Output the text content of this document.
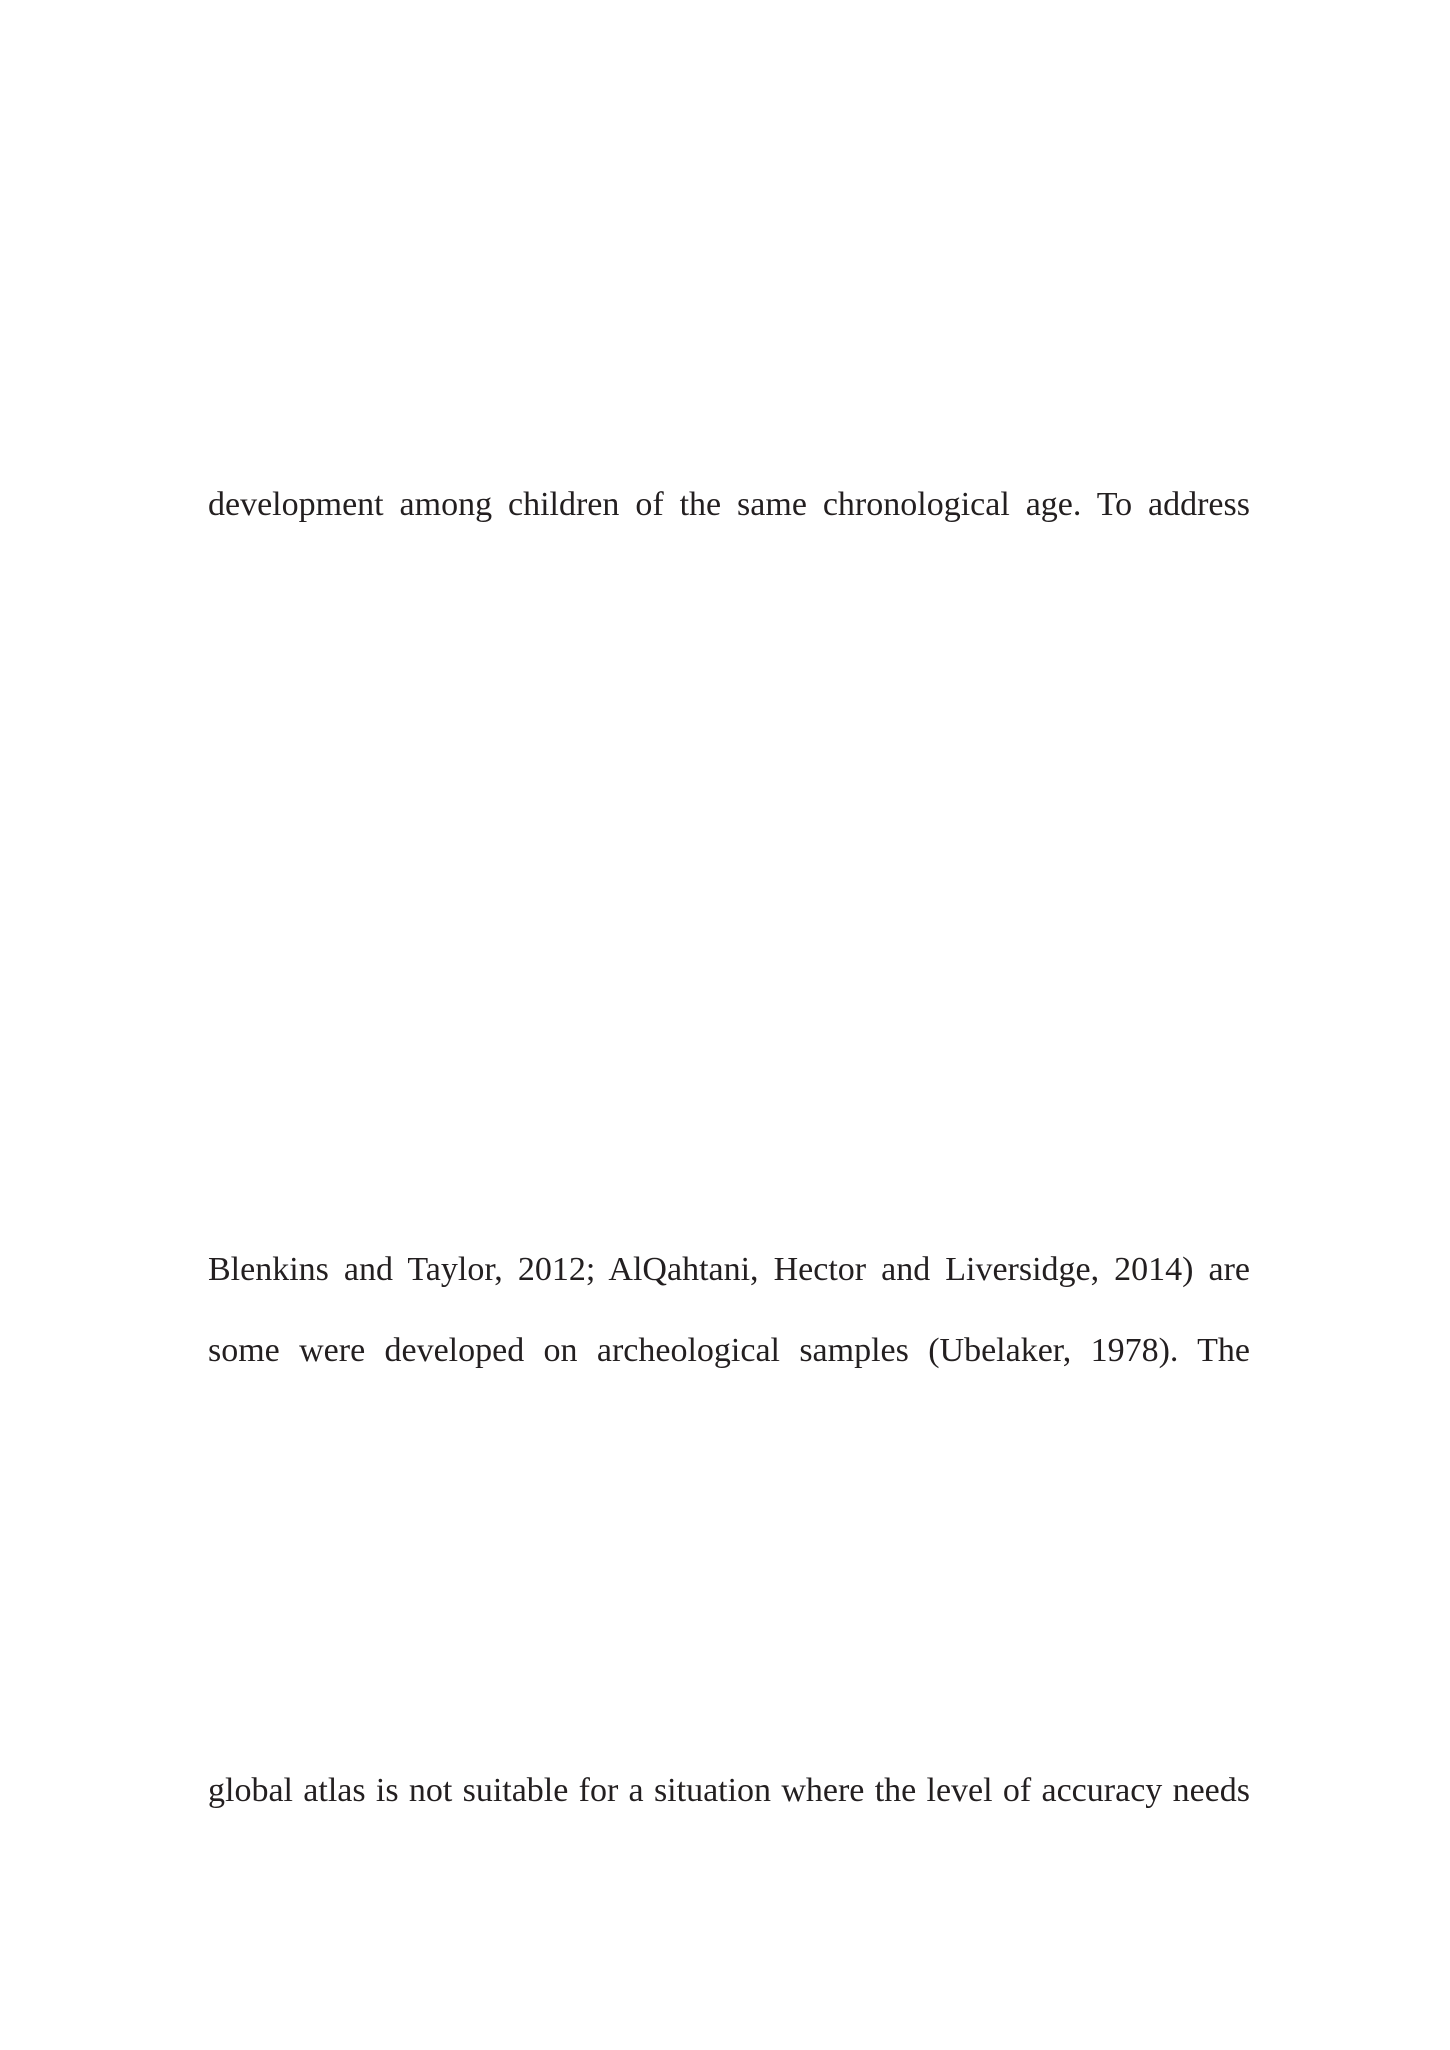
development among children of the same chronological age. To address
Blenkins and Taylor, 2012; AlQahtani, Hector and Liversidge, 2014) are
some were developed on archeological samples (Ubelaker, 1978). The
global atlas is not suitable for a situation where the level of accuracy needs
